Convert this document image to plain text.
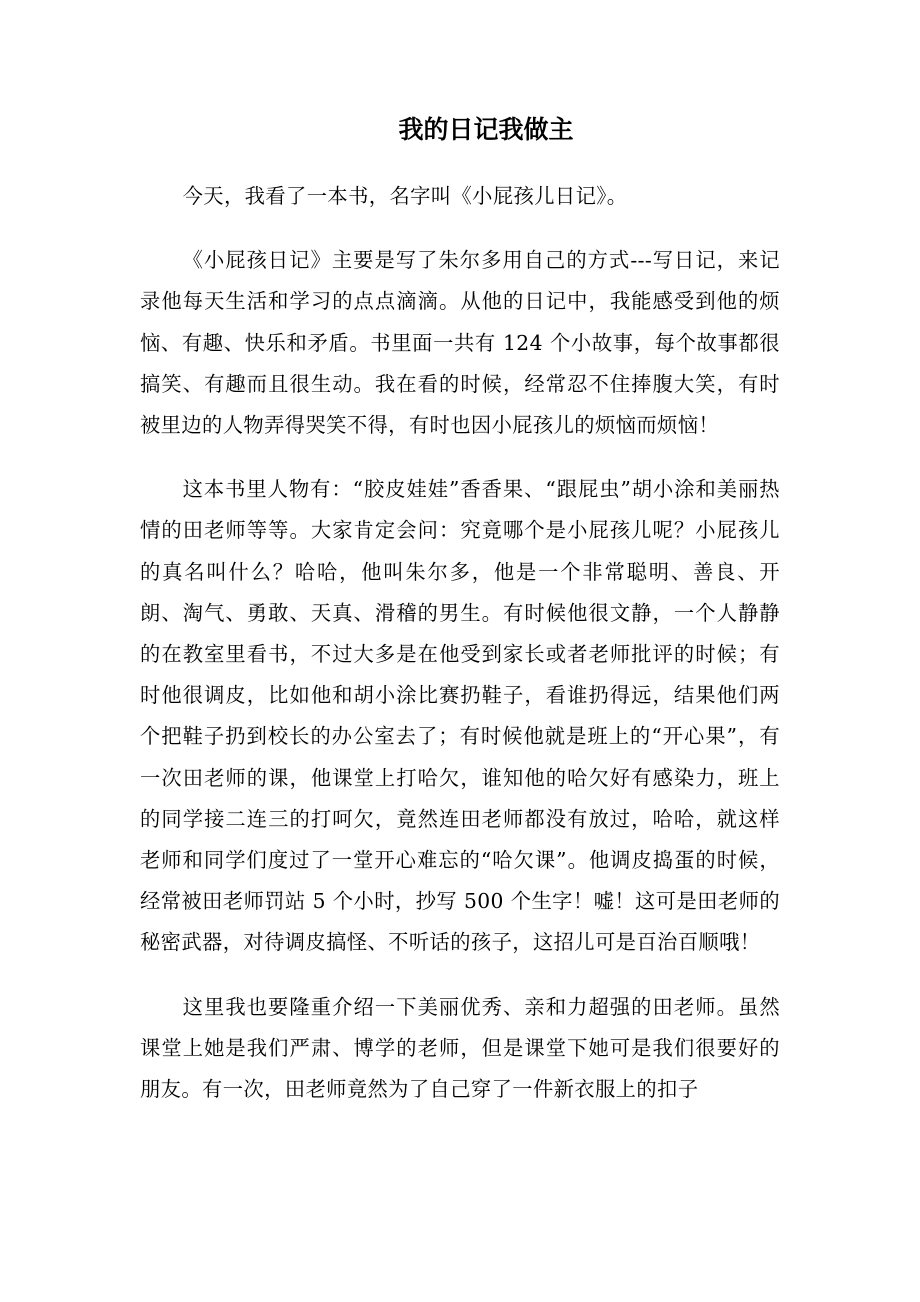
我的日记我做主

今天，我看了一本书，名字叫《小屁孩儿日记》。

《小屁孩日记》主要是写了朱尔多用自己的方式---写日记，来记录他每天生活和学习的点点滴滴。从他的日记中，我能感受到他的烦恼、有趣、快乐和矛盾。书里面一共有 124 个小故事，每个故事都很搞笑、有趣而且很生动。我在看的时候，经常忍不住捧腹大笑，有时被里边的人物弄得哭笑不得，有时也因小屁孩儿的烦恼而烦恼！

这本书里人物有：“胶皮娃娃”香香果、“跟屁虫”胡小涂和美丽热情的田老师等等。大家肯定会问：究竟哪个是小屁孩儿呢？小屁孩儿的真名叫什么？哈哈，他叫朱尔多，他是一个非常聪明、善良、开朗、淘气、勇敢、天真、滑稽的男生。有时候他很文静，一个人静静的在教室里看书，不过大多是在他受到家长或者老师批评的时候；有时他很调皮，比如他和胡小涂比赛扔鞋子，看谁扔得远，结果他们两个把鞋子扔到校长的办公室去了；有时候他就是班上的“开心果”，有一次田老师的课，他课堂上打哈欠，谁知他的哈欠好有感染力，班上的同学接二连三的打呵欠，竟然连田老师都没有放过，哈哈，就这样老师和同学们度过了一堂开心难忘的“哈欠课”。他调皮捣蛋的时候，经常被田老师罚站 5 个小时，抄写 500 个生字！嘘！这可是田老师的秘密武器，对待调皮搞怪、不听话的孩子，这招儿可是百治百顺哦！

这里我也要隆重介绍一下美丽优秀、亲和力超强的田老师。虽然课堂上她是我们严肃、博学的老师，但是课堂下她可是我们很要好的朋友。有一次，田老师竟然为了自己穿了一件新衣服上的扣子
